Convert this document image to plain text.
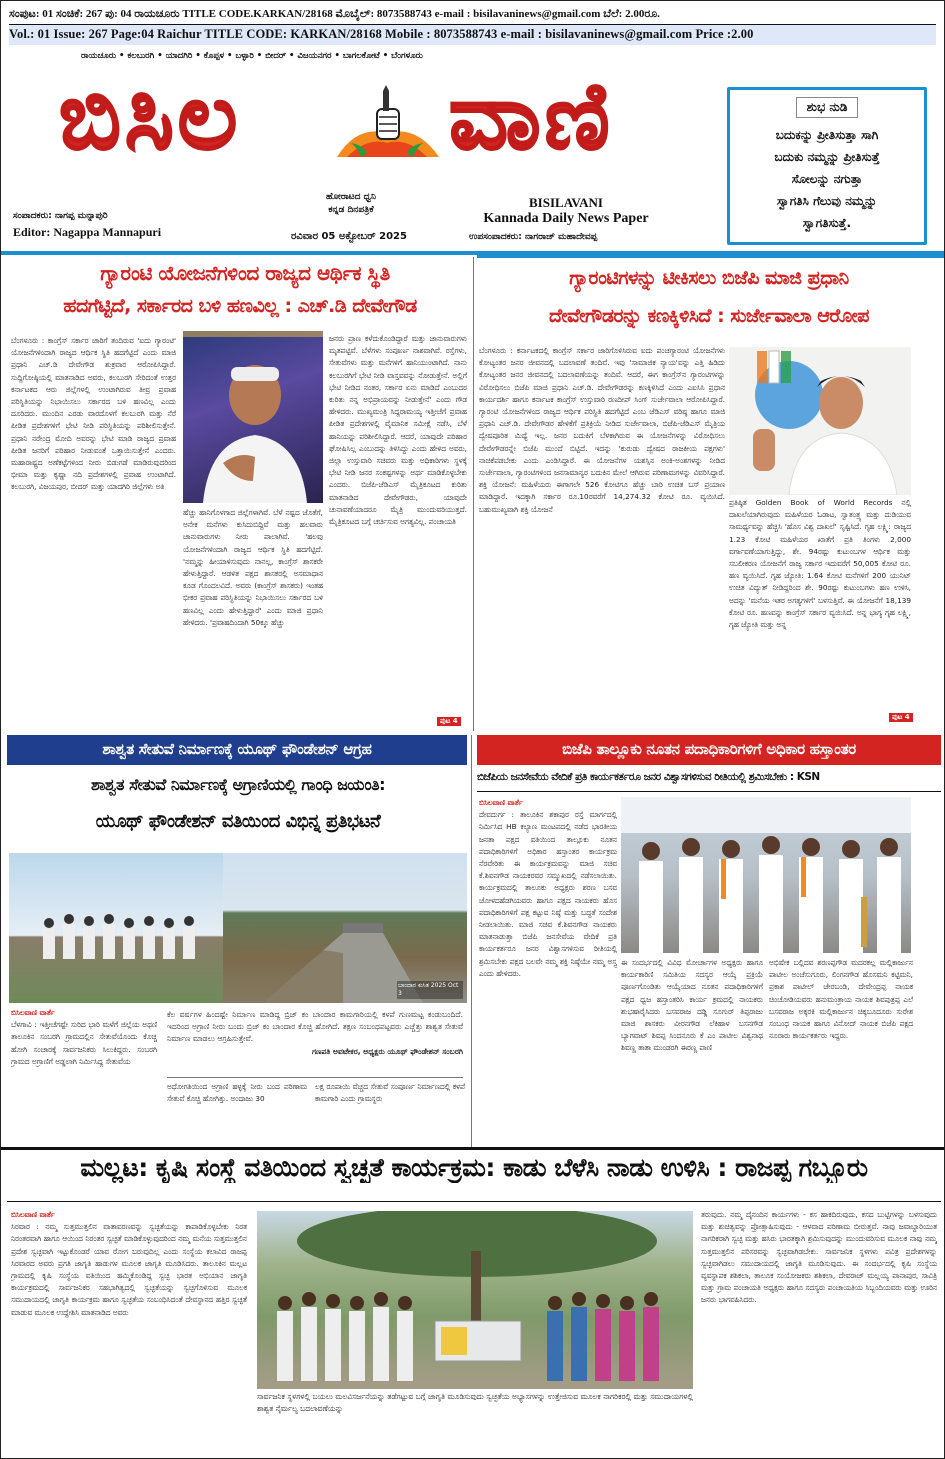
ಸಂಪುಟ: 01 ಸಂಚಿಕೆ: 267 ಪು: 04 ರಾಯಚೂರು TITLE CODE.KARKAN/28168 ಮೊಬೈಲ್: 8073588743 e-mail : bisilavaninews@gmail.com ಬೆಲೆ: 2.00ರೂ.
Vol.: 01 Issue: 267 Page:04 Raichur TITLE CODE: KARKAN/28168 Mobile : 8073588743 e-mail : bisilavaninews@gmail.com Price :2.00
ರಾಯಚೂರು • ಕಲಬುರಗಿ • ಯಾದಗಿರಿ • ಕೊಪ್ಪಳ • ಬಳ್ಳಾರಿ • ಬೀದರ್ • ವಿಜಯನಗರ • ಬಾಗಲಕೋಟೆ • ಬೆಂಗಳೂರು
ಬಿಸಿಲ ವಾಣಿ
ಹೋರಾಟದ ಧ್ವನಿ
ಕನ್ನಡ ದಿನಪತ್ರಿಕೆ	BISILAVANI
Kannada Daily News Paper
ಸಂಪಾದಕರು: ನಾಗಪ್ಪ ಮನ್ನಾಪುರಿ
Editor: Nagappa Mannapuri	ರವಿವಾರ 05 ಅಕ್ಟೋಬರ್ 2025	ಉಪಸಂಪಾದಕರು: ನಾಗರಾಜ್ ಮಹಾದೇವಪ್ಪ
ಶುಭ ನುಡಿ
ಬದುಕನ್ನು ಪ್ರೀತಿಸುತ್ತಾ ಸಾಗಿ
ಬದುಕು ನಮ್ಮನ್ನು ಪ್ರೀತಿಸುತ್ತೆ
ಸೋಲನ್ನು ನಗುತ್ತಾ
ಸ್ವಾಗತಿಸಿ ಗೆಲುವು ನಮ್ಮನ್ನು
ಸ್ವಾಗತಿಸುತ್ತೆ.
ಗ್ಯಾರಂಟಿ ಯೋಜನೆಗಳಿಂದ ರಾಜ್ಯದ ಆರ್ಥಿಕ ಸ್ಥಿತಿ
ಹದಗೆಟ್ಟಿದೆ, ಸರ್ಕಾರದ ಬಳಿ ಹಣವಿಲ್ಲ : ಎಚ್.ಡಿ ದೇವೇಗೌಡ
ಬೆಂಗಳೂರು : ಕಾಂಗ್ರೆಸ್ ಸರ್ಕಾರ ಜಾರಿಗೆ ತಂದಿರುವ 'ಐದು ಗ್ಯಾರಂಟಿ' ಯೋಜನೆಗಳಿಂದಾಗಿ ರಾಜ್ಯದ ಆರ್ಥಿಕ ಸ್ಥಿತಿ ಹದಗೆಟ್ಟಿದೆ ಎಂದು ಮಾಜಿ ಪ್ರಧಾನಿ ಎಚ್.ಡಿ ದೇವೇಗೌಡ ಶುಕ್ರವಾರ ಆರೋಪಿಸಿದ್ದಾರೆ. ಸುದ್ದಿಗೋಷ್ಠಿಯಲ್ಲಿ ಮಾತನಾಡಿದ ಅವರು, ಕಲಬುರಗಿ ಸೇರಿದಂತೆ ಉತ್ತರ ಕರ್ನಾಟಕದ ಆರು ಜಿಲ್ಲೆಗಳಲ್ಲಿ ಉಂಟಾಗಿರುವ ತೀವ್ರ ಪ್ರವಾಹ ಪರಿಸ್ಥಿತಿಯನ್ನು ನಿಭಾಯಿಸಲು ಸರ್ಕಾರದ ಬಳಿ ಹಣವಿಲ್ಲ ಎಂದು ದೂರಿದರು. ಮುಂದಿನ ಎರಡು ವಾರದೊಳಗೆ ಕಲಬುರಗಿ ಮತ್ತು ನೆರೆ ಪೀಡಿತ ಪ್ರದೇಶಗಳಿಗೆ ಭೇಟಿ ನೀಡಿ ಪರಿಸ್ಥಿತಿಯನ್ನು ಪರಿಶೀಲಿಸುತ್ತೇನೆ. ಪ್ರಧಾನಿ ನರೇಂದ್ರ ಮೋದಿ ಅವರನ್ನು ಭೇಟಿ ಮಾಡಿ ರಾಜ್ಯದ ಪ್ರವಾಹ ಪೀಡಿತ ಜನರಿಗೆ ಪರಿಹಾರ ನೀಡುವಂತೆ ಒತ್ತಾಯಿಸುತ್ತೇನೆ ಎಂದರು. ಮಹಾರಾಷ್ಟ್ರದ ಅಣೆಕಟ್ಟೆಗಳಿಂದ ನೀರು ಬಿಡುಗಡೆ ಮಾಡಿರುವುದರಿಂದ ಭೀಮಾ ಮತ್ತು ಕೃಷ್ಣಾ ನದಿ ಪ್ರದೇಶಗಳಲ್ಲಿ ಪ್ರವಾಹ ಉಂಟಾಗಿದೆ. ಕಲಬುರಗಿ, ವಿಜಯಪುರ, ಬೀದರ್ ಮತ್ತು ಯಾದಗಿರಿ ಜಿಲ್ಲೆಗಳು ಅತಿ
ಹೆಚ್ಚು ಹಾನಿಗೊಳಗಾದ ಜಿಲ್ಲೆಗಳಾಗಿವೆ. ಬೆಳೆ ನಷ್ಟದ ಜೊತೆಗೆ, ಅನೇಕ ಮನೆಗಳು ಕುಸಿದುಬಿದ್ದಿವೆ ಮತ್ತು ಹಲವಾರು ಜಾನುವಾರುಗಳು ನೀರು ಪಾಲಾಗಿವೆ. 'ಹಲವು ಯೋಜನೆಗಳಿಂದಾಗಿ ರಾಜ್ಯದ ಆರ್ಥಿಕ ಸ್ಥಿತಿ ಹದಗೆಟ್ಟಿದೆ. 'ನಮ್ಮನ್ನು ಹೀಯಾಳಿಸುವುದು ನಾನಲ್ಲ, ಕಾಂಗ್ರೆಸ್ ಶಾಸಕರೇ ಹೇಳುತ್ತಿದ್ದಾರೆ. ಆಡಳಿತ ಪಕ್ಷದ ಶಾಸಕರಲ್ಲಿ ಅಸಮಾಧಾನ ಕೂಡ ಗೊಂದಲವಿದೆ. ಅವರು (ಕಾಂಗ್ರೆಸ್ ಶಾಸಕರು) ಇಂತಹ ಭೀಕರ ಪ್ರವಾಹ ಪರಿಸ್ಥಿತಿಯನ್ನು ನಿಭಾಯಿಸಲು ಸರ್ಕಾರದ ಬಳಿ ಹಣವಿಲ್ಲ ಎಂದು ಹೇಳುತ್ತಿದ್ದಾರೆ' ಎಂದು ಮಾಜಿ ಪ್ರಧಾನಿ ಹೇಳಿದರು. 'ಪ್ರವಾಹದಿಂದಾಗಿ 50ಕ್ಕೂ ಹೆಚ್ಚು
ಜನರು ಪ್ರಾಣ ಕಳೆದುಕೊಂಡಿದ್ದಾರೆ ಮತ್ತು ಜಾನುವಾರುಗಳು ಮೃತಪಟ್ಟಿವೆ. ಬೆಳೆಗಳು ಸಂಪೂರ್ಣ ನಾಶವಾಗಿವೆ. ರಸ್ತೆಗಳು, ಸೇತುವೆಗಳು ಮತ್ತು ಮನೆಗಳಿಗೆ ಹಾನಿಯುಂಟಾಗಿದೆ. ನಾನು ಕಲಬುರಗಿಗೆ ಭೇಟಿ ನೀಡಿ ವಾಸ್ತವವನ್ನು ನೋಡುತ್ತೇನೆ. ಅಲ್ಲಿಗೆ ಭೇಟಿ ನೀಡಿದ ನಂತರ, ಸರ್ಕಾರ ಏನು ಮಾಡಿದೆ ಎಂಬುದರ ಕುರಿತು ನನ್ನ ಅಭಿಪ್ರಾಯವನ್ನು ನೀಡುತ್ತೇನೆ' ಎಂದು ಗೌಡ ಹೇಳಿದರು. ಮುಖ್ಯಮಂತ್ರಿ ಸಿದ್ದರಾಮಯ್ಯ ಇತ್ತೀಚೆಗೆ ಪ್ರವಾಹ ಪೀಡಿತ ಪ್ರದೇಶಗಳಲ್ಲಿ ವೈಮಾನಿಕ ಸಮೀಕ್ಷೆ ನಡೆಸಿ, ಬೆಳೆ ಹಾನಿಯನ್ನು ಪರಿಶೀಲಿಸಿದ್ದಾರೆ. ಆದರೆ, ಯಾವುದೇ ಪರಿಹಾರ ಘೋಷಿಸಿಲ್ಲ ಎಂಬುದನ್ನು ತಿಳಿಸಿದ್ದು ಎಂದು ಹೇಳಿದ ಅವರು, ಜಿಲ್ಲಾ ಉಸ್ತುವಾರಿ ಸಚಿವರು ಮತ್ತು ಅಧಿಕಾರಿಗಳು ಸ್ಥಳಕ್ಕೆ ಭೇಟಿ ನೀಡಿ ಜನರ ಸಂಕಷ್ಟಗಳನ್ನು ಅರ್ಥ ಮಾಡಿಕೊಳ್ಳಬೇಕು ಎಂದರು. ಬಿಜೆಪಿ-ಜೆಡಿಎಸ್ ಮೈತ್ರಿಕೂಟದ ಕುರಿತು ಮಾತನಾಡಿದ ದೇವೇಗೌಡರು, ಯಾವುದೇ ಚುನಾವಣೆಯಾದರೂ ಮೈತ್ರಿ ಮುಂದುವರಿಯುತ್ತದೆ. ಮೈತ್ರಿಕೂಟದ ಬಗ್ಗೆ ಚರ್ಚಿಸುವ ಅಗತ್ಯವಿಲ್ಲ. ಪಂಚಾಯತಿ
ಪುಟ 4
ಗ್ಯಾರಂಟಿಗಳನ್ನು ಟೀಕಿಸಲು ಬಿಜೆಪಿ ಮಾಜಿ ಪ್ರಧಾನಿ
ದೇವೇಗೌಡರನ್ನು ಕಣಕ್ಕಿಳಿಸಿದೆ : ಸುರ್ಜೇವಾಲಾ ಆರೋಪ
ಬೆಂಗಳೂರು : ಕರ್ನಾಟಕದಲ್ಲಿ ಕಾಂಗ್ರೆಸ್ ಸರ್ಕಾರ ಜಾರಿಗೊಳಿಸಿರುವ ಐದು ಪಂಚಗ್ಯಾರಂಟಿ ಯೋಜನೆಗಳು ಕೋಟ್ಯಂತರ ಜನರ ಜೀವನದಲ್ಲಿ ಬದಲಾವಣೆ ತಂದಿವೆ. ಇವು 'ಸಾಮಾಜಿಕ ನ್ಯಾಯ'ವನ್ನು ಎತ್ತಿ ಹಿಡಿದು ಕೋಟ್ಯಂತರ ಜನರ ಜೀವನದಲ್ಲಿ ಬದಲಾವಣೆಯನ್ನು ತಂದಿವೆ. ಆದರೆ, ಈಗ ಕಾಂಗ್ರೆಸ್‌ನ ಗ್ಯಾರಂಟಿಗಳನ್ನು ವಿರೋಧಿಸಲು ಬಿಜೆಪಿ ಮಾಜಿ ಪ್ರಧಾನಿ ಎಚ್.ಡಿ. ದೇವೇಗೌಡರನ್ನು ಕಣಕ್ಕಿಳಿಸಿದೆ ಎಂದು ಎಐಸಿಸಿ ಪ್ರಧಾನ ಕಾರ್ಯದರ್ಶಿ ಹಾಗೂ ಕರ್ನಾಟಕ ಕಾಂಗ್ರೆಸ್ ಉಸ್ತುವಾರಿ ರಣದೀಪ್ ಸಿಂಗ್ ಸುರ್ಜೇವಾಲಾ ಆರೋಪಿಸಿದ್ದಾರೆ. ಗ್ಯಾರಂಟಿ ಯೋಜನೆಗಳಿಂದ ರಾಜ್ಯದ ಆರ್ಥಿಕ ಪರಿಸ್ಥಿತಿ ಹದಗೆಟ್ಟಿದೆ ಎಂಬ ಜೆಡಿಎಸ್ ವರಿಷ್ಠ ಹಾಗೂ ಮಾಜಿ ಪ್ರಧಾನಿ ಎಚ್.ಡಿ. ದೇವೇಗೌಡರ ಹೇಳಿಕೆಗೆ ಪ್ರತಿಕ್ರಿಯೆ ನೀಡಿದ ಸುರ್ಜೇವಾಲಾ, ಬಿಜೆಪಿ-ಜೆಡಿಎಸ್ ಮೈತ್ರಿಯ ದ್ವೇಷಪೂರಿತ ಮಿಥ್ಯೆ ಇಲ್ಲ. ಜನರ ಬದುಕಿಗೆ ಬೆಳಕಾಗಿರುವ ಈ ಯೋಜನೆಗಳನ್ನು ವಿರೋಧಿಸಲು ದೇವೇಗೌಡರನ್ನೇ ಬಿಜೆಪಿ ಮುಂದೆ ಬಿಟ್ಟಿದೆ. ಇದನ್ನು 'ಕುರುಡು ದ್ವೇಷದ ರಾಜಕೀಯ ಪಕ್ಷಗಳು' ನಾಚಿಕೆಪಡಬೇಕು ಎಂದು ಎಂಡಿಸಿದ್ದಾರೆ. ಈ ಯೋಜನೆಗಳ ಯಶಸ್ಸಿನ ಅಂಕಿ-ಅಂಶಗಳನ್ನು ನೀಡಿದ ಸುರ್ಜೇವಾಲಾ, ಗ್ಯಾರಂಟಿಗಳಿಂದ ಜನಸಾಮಾನ್ಯರ ಬದುಕಿನ ಮೇಲೆ ಆಗಿರುವ ಪರಿಣಾಮಗಳನ್ನು ವಿವರಿಸಿದ್ದಾರೆ. ಶಕ್ತಿ ಯೋಜನೆ: ಮಹಿಳೆಯರು ಈಗಾಗಲೇ 526 ಕೋಟಿಗೂ ಹೆಚ್ಚು ಬಾರಿ ಉಚಿತ ಬಸ್ ಪ್ರಯಾಣ ಮಾಡಿದ್ದಾರೆ. ಇದಕ್ಕಾಗಿ ಸರ್ಕಾರ ರೂ.10ರವರೆಗೆ 14,274.32 ಕೋಟಿ ರೂ. ವ್ಯಯಿಸಿದೆ. ಬಹುಮುಖ್ಯವಾಗಿ ಶಕ್ತಿ ಯೋಜನೆ
ಪ್ರತಿಷ್ಠಿತ Golden Book of World Records ನಲ್ಲಿ ದಾಖಲೆಯಾಗಿರುವುದು ಮಹಿಳೆಯರ ಓಡಾಟ, ಸ್ವಾತಂತ್ರ್ಯ ಮತ್ತು ದುಡಿಯುವ ಸಾಮರ್ಥ್ಯವನ್ನು ಹೆಚ್ಚಿಸಿ 'ಹೊಸ ವಿಶ್ವ ದಾಖಲೆ' ಸೃಷ್ಟಿಸಿದೆ. ಗೃಹ ಲಕ್ಷ್ಮಿ: ರಾಜ್ಯದ 1.23 ಕೋಟಿ ಮಹಿಳೆಯರ ಖಾತೆಗೆ ಪ್ರತಿ ತಿಂಗಳು 2,000 ವರ್ಗಾವಣೆಯಾಗುತ್ತಿದ್ದು, ಶೇ. 94ರಷ್ಟು ಕುಟುಂಬಗಳ ಆರ್ಥಿಕ ಮತ್ತು ಸಬಲೀಕರಣ ಯೋಜನೆಗೆ ರಾಜ್ಯ ಸರ್ಕಾರ ಇದುವರೆಗೆ 50,005 ಕೋಟಿ ರೂ. ಹಣ ವ್ಯಯಿಸಿದೆ. ಗೃಹ ಜ್ಯೋತಿ: 1.64 ಕೋಟಿ ಮನೆಗಳಿಗೆ 200 ಯುನಿಟ್ ಉಚಿತ ವಿದ್ಯುತ್ ನೀಡಿದ್ದರಿಂದ ಶೇ. 90ರಷ್ಟು ಕುಟುಂಬಗಳು ಹಣ ಉಳಿಸಿ, ಅದನ್ನು 'ಮನೆಯ ಇತರ ಅಗತ್ಯಗಳಿಗೆ' ಬಳಸುತ್ತಿವೆ. ಈ ಯೋಜನೆಗೆ 18,139 ಕೋಟಿ ರೂ. ಹಣವನ್ನು ಕಾಂಗ್ರೆಸ್ ಸರ್ಕಾರ ವ್ಯಯಿಸಿದೆ. ಅನ್ನ ಭಾಗ್ಯ ಗೃಹ ಲಕ್ಷ್ಮಿ, ಗೃಹ ಜ್ಯೋತಿ ಮತ್ತು ಅನ್ನ
ಪುಟ 4
ಶಾಶ್ವತ ಸೇತುವೆ ನಿರ್ಮಾಣಕ್ಕೆ ಯೂಥ್ ಫೌಂಡೇಶನ್ ಆಗ್ರಹ
ಶಾಶ್ವತ ಸೇತುವೆ ನಿರ್ಮಾಣಕ್ಕೆ ಅಗ್ರಾಣಿಯಲ್ಲಿ ಗಾಂಧಿ ಜಯಂತಿ:
ಯೂಥ್ ಫೌಂಡೇಶನ್ ವತಿಯಿಂದ ವಿಭಿನ್ನ ಪ್ರತಿಭಟನೆ
ಬಾಂದಾರ ಕುಸಿತ 2025 Oct 3
ಬಿಸಿಲವಾಣಿ ವಾರ್ತೆ
ಬೆಳಗಾವಿ : ಇತ್ತೀಚೆಗಷ್ಟೇ ಸುರಿದ ಭಾರಿ ಮಳೆಗೆ ಜಿಲ್ಲೆಯ ಅಥಣಿ ತಾಲೂಕಿನ ಸಂಬರಗಿ ಗ್ರಾಮದಲ್ಲಿನ ಸೇತುವೆಯೊಂದು ಕೊಚ್ಚಿ ಹೋಗಿ ಸಂಚಾರಕ್ಕೆ ಸಾರ್ವಜನಿಕರು ಸಿಲುಕಿದ್ದರು. ಸಂಬರಗಿ ಗ್ರಾಮದ ಅಗ್ರಾಣಿಗೆ ಅಡ್ಡಲಾಗಿ ನಿರ್ಮಿಸಿದ್ದ ಸೇತುವೆಯ
ಕೆಲ ವರ್ಷಗಳ ಹಿಂದಷ್ಟೇ ನಿರ್ಮಾಣ ಮಾಡಿದ್ದ ಬ್ರಿಜ್ ಕಂ ಬಾಂದಾರ ಕಾಮಗಾರಿಯಲ್ಲಿ ಕಳಪೆ ಗುಣಮಟ್ಟ ಕಂಡುಬಂದಿದೆ. ಇದರಿಂದ ಅಗ್ರಾಣಿ ನೀರು ಬಂದು ಬ್ರಿಜ್ ಕಂ ಬಾಂದಾರ ಕೊಚ್ಚಿ ಹೋಗಿದೆ. ತಕ್ಷಣ ಸಂಬಂಧಪಟ್ಟವರು ಎಚ್ಚೆತ್ತು ಶಾಶ್ವತ ಸೇತುವೆ ನಿರ್ಮಾಣ ಮಾಡಲು ಆಗ್ರಹಿಸುತ್ತೇವೆ.
ಗಣಪತಿ ಅವಟೇಕರ, ಅಧ್ಯಕ್ಷರು ಯೂಥ್ ಫೌಂಡೇಶನ್ ಸಂಬರಗಿ
ಅಧೋಗತಿಯಿಂದ ಅಗ್ರಾಣಿ ಹಳ್ಳಕ್ಕೆ ನೀರು ಬಂದ ಪರಿಣಾಮ ಸೇತುವೆ ಕೊಚ್ಚಿ ಹೋಗಿತ್ತು. ಅಂದಾಜು 30
ಲಕ್ಷ ರೂಪಾಯಿ ವೆಚ್ಚದ ಸೇತುವೆ ಸಂಪೂರ್ಣ ನಿರ್ಮಾಣದಲ್ಲಿ ಕಳಪೆ ಕಾಮಗಾರಿ ಎಂದು ಗ್ರಾಮಸ್ಥರು
ಬಿಜೆಪಿ ತಾಲ್ಲೂಕು ನೂತನ ಪದಾಧಿಕಾರಿಗಳಿಗೆ ಅಧಿಕಾರ ಹಸ್ತಾಂತರ
ಬಿಜೆಪಿಯ ಜನಸೇವೆಯ ವೇದಿಕೆ ಪ್ರತಿ ಕಾರ್ಯಕರ್ತರೂ ಜನರ ವಿಶ್ವಾಸಗಳಿಸುವ ರೀತಿಯಲ್ಲಿ ಶ್ರಮಿಸಬೇಕು : KSN
ಬಿಸಿಲವಾಣಿ ವಾರ್ತೆ
ದೇವದುರ್ಗ : ತಾಲೂಕಿನ ಶಕಾಪುರ ರಸ್ತೆ ಮಾರ್ಗದಲ್ಲಿ ನಿರ್ಮಿಸಿದ HB ಕಲ್ಯಾಣ ಮಂಟಪದಲ್ಲಿ ನಡೆದ ಭಾರತೀಯ ಜನತಾ ಪಕ್ಷದ ವತಿಯಿಂದ ತಾಲ್ಲೂಕು ನೂತನ ಪದಾಧಿಕಾರಿಗಳಿಗೆ ಅಧಿಕಾರ ಹಸ್ತಾಂತರ ಕಾರ್ಯಕ್ರಮ ನೆರವೇರಿತು ಈ ಕಾರ್ಯಕ್ರಮವನ್ನು ಮಾಜಿ ಸಚಿವ ಕೆ.ಶಿವನಗೌಡ ನಾಯಕರವರ ಸಮ್ಮುಖದಲ್ಲಿ ನಡೆಸಲಾಯಿತು. ಕಾರ್ಯಕ್ರಮದಲ್ಲಿ ತಾಲೂಕು ಅಧ್ಯಕ್ಷರು ಶರಣ ಬಸವ ಜೋಳದಹೆಡಗಿಯವರು ಹಾಗೂ ಪಕ್ಷದ ನಾಯಕರು ಹೊಸ ಪದಾಧಿಕಾರಿಗಳಿಗೆ ಪಕ್ಷ ಕಟ್ಟುವ ನಿಷ್ಠೆ ಮತ್ತು ಬದ್ಧತೆ ಸಂದೇಶ ನೀಡಲಾಯಿತು. ಮಾಜಿ ಸಚಿವ ಕೆ.ಶಿವನಗೌಡ ನಾಯಕರು ಮಾತನಾಡುತ್ತಾ ಬಿಜೆಪಿ ಜನಸೇವೆಯ ವೇದಿಕೆ ಪ್ರತಿ ಕಾರ್ಯಕರ್ತರೂ ಜನರ ವಿಶ್ವಾಸಗಳಿಸುವ ರೀತಿಯಲ್ಲಿ ಶ್ರಮಿಸಬೇಕು ಪಕ್ಷದ ಬಲವೇ ನಮ್ಮ ಶಕ್ತಿ ನಿಷ್ಠೆಯೇ ನಮ್ಮ ಅಸ್ತ್ರ ಎಂದು ಹೇಳಿದರು.
ಈ ಸಂದರ್ಭದಲ್ಲಿ ವಿವಿಧ ಮೋರ್ಚಾಗಳ ಅಧ್ಯಕ್ಷರು ಹಾಗೂ ಕಾರ್ಯಕಾರಿಣಿ ಸಮಿತಿಯ ಸದಸ್ಯರ ಆಯ್ಕೆ ಪ್ರಕ್ರಿಯೆ ಪೂರ್ಣಗೊಂಡಿತು ಆಯ್ಕೆಯಾದ ನೂತನ ಪದಾಧಿಕಾರಿಗಳಿಗೆ ಪಕ್ಷದ ಧ್ವಜ ಹಸ್ತಾಂತರಿಸಿ ಕಾರ್ಯ ಕ್ರಮದಲ್ಲಿ ನಾಯಕರು ಶುಭಹಾರೈಸಿದರು ಬಸವರಾಜ ದಡ್ಡಿ ಸೂಗುರ್ ತಿಪ್ಪರಾಜು ಮಾಜಿ ಶಾಸಕರು ವೀರನಗೌಡ ಲೆಕಿಹಾಳ ಬಸನಗೌಡ ಬ್ಯಾಗವಾಟ್ ಶಿವಪ್ಪ ಸಿಂದನೂರು ಕೆ ಎಂ ಪಾಟೀಲ ವಿಶ್ವನಾಥ ಶಿವಣ್ಣ ತಾತಾ ಮುಂಡರಗಿ ಈರಣ್ಣ ಪಾಣಿ
ಅಭಿಷೇಕ ಬಲ್ಲಿದವ ಶರಣಪ್ಪಗೌಡ ಮದರಕಲ್ಲ ಮಲ್ಲಿಕಾರ್ಜುನ ಪಾಟೀಲ ಅಂಚೆಸುಗೂರು, ಲಿಂಗನಗೌಡ ಹೊಸಮನಿ ಕಟ್ಟಿಮನಿ, ಪ್ರಕಾಶ ಪಾಟೀಲ್ ಜೇರಬಂಡಿ, ದೇವೇಂದ್ರಪ್ಪ ನಾಯಕ ಚಿಂಚೋಡಿಯವರು ಹನುಮಂತ್ರಾಯ ನಾಯಕ ಶಿವಪುತ್ರಪ್ಪ ಎಲೆ ಬಸವರಾಜ ಅಕ್ಕರಕಿ ಮಲ್ಲಿಕಾರ್ಜುನ ಚಿಕ್ಕಬೂದೂರು ಸುರೇಶ ಸಂಬಂಧ ನಾಯಕ ಹಾಗೂ ವಿನೋದ್ ನಾಯಕ ಬಿಜೆಪಿ ಪಕ್ಷದ ನೂರಾರು ಕಾರ್ಯಕರ್ತರು ಇದ್ದರು.
ಮಲ್ಲಟ: ಕೃಷಿ ಸಂಸ್ಥೆ ವತಿಯಿಂದ ಸ್ವಚ್ಛತೆ ಕಾರ್ಯಕ್ರಮ: ಕಾಡು ಬೆಳೆಸಿ ನಾಡು ಉಳಿಸಿ : ರಾಜಪ್ಪ ಗಬ್ಬೂರು
ಬಿಸಿಲವಾಣಿ ವಾರ್ತೆ
ಸಿರವಾರ : ನಮ್ಮ ಸುತ್ತಮುತ್ತಲಿನ ವಾತಾವರಣವನ್ನು ಸ್ವಚ್ಛತೆಯನ್ನು ಕಾಪಾಡಿಕೊಳ್ಳಬೇಕು ನಿರತ ನಿರಂತರವಾಗಿ ಹಾಗೂ ಆಯಿಂದ ನಿರಂತರ ಸ್ವಚ್ಛತೆ ಮಾಡಿಕೊಳ್ಳುವುದರಿಂದ ನಮ್ಮ ಮನೆಯ ಸುತ್ತಮುತ್ತಲಿನ ಪ್ರದೇಶ ಸ್ವಚ್ಛವಾಗಿ ಇಟ್ಟುಕೊಂಡರೆ ಯಾವ ರೋಗ ಬರುವುದಿಲ್ಲ ಎಂದು ಸಂಸ್ಥೆಯ ಕಲಾವಿದ ರಾಜಪ್ಪ ಸಿರವಾರದ ಅವರು ಪ್ರಗತಿ ಜಾಗೃತಿ ಹಾಡುಗಳ ಮೂಲಕ ಜಾಗೃತಿ ಮೂಡಿಸಿದರು. ತಾಲೂಕಿನ ಮಲ್ಲಟ ಗ್ರಾಮದಲ್ಲಿ ಕೃಷಿ ಸಂಸ್ಥೆಯ ವತಿಯಿಂದ ಹಮ್ಮಿಕೊಂಡಿದ್ದ ಸ್ವಚ್ಛ ಭಾರತ ಅಭಿಯಾನ ಜಾಗೃತಿ ಕಾರ್ಯಕ್ರಮದಲ್ಲಿ ಸಾರ್ವಜನಿಕರ ಸಹಭಾಗಿತ್ವದಲ್ಲಿ ಸ್ವಚ್ಛತೆಯನ್ನು ಸ್ವಚ್ಛಗೊಳಿಸುವ ಮೂಲಕ ಸಮುದಾಯದಲ್ಲಿ ಜಾಗೃತಿ ಕಾರ್ಯಕ್ರಮ ಹಾಗೂ ಸ್ವಚ್ಛತೆಯ ಸಂಬಂಧಿಸಿದಂತೆ ದೇವಸ್ಥಾನದ ಹತ್ತಿರ ಸ್ವಚ್ಛತೆ ಮಾಡುವ ಮೂಲಕ ಉದ್ದೇಶಿಸಿ ಮಾತನಾಡಿದ ಅವರು
ಸಾರ್ವಜನಿಕ ಸ್ಥಳಗಳಲ್ಲಿ ಬಯಲು ಮಲವಿಸರ್ಜನೆಯನ್ನು ತಡೆಗಟ್ಟುವ ಬಗ್ಗೆ ಜಾಗೃತಿ ಮೂಡಿಸುವುದು ಸ್ವಚ್ಛತೆಯ ಅಭ್ಯಾಸಗಳನ್ನು ಉತ್ತೇಜಿಸುವ ಮೂಲಕ ನಾಗರಿಕರಲ್ಲಿ ಮತ್ತು ಸಮುದಾಯಗಳಲ್ಲಿ ಶಾಶ್ವತ ನೈರ್ಮಲ್ಯ ಬದಲಾವಣೆಯನ್ನು
ತರುವುದು. ನಮ್ಮ ದೈನಂದಿನ ಕಾರ್ಯಗಳು - ಕಸ ಹಾಕದಿರುವುದು, ಕಸದ ಬುಟ್ಟಿಗಳನ್ನು ಬಳಸುವುದು ಮತ್ತು ಶುಚಿತ್ವವನ್ನು ಪ್ರೋತ್ಸಾಹಿಸುವುದು - ಆಳವಾದ ಪರಿಣಾಮ ಬೀರುತ್ತವೆ. ನಾವು ಜವಾಬ್ದಾರಿಯುತ ನಾಗರಿಕರಾಗಿ ಸ್ವಚ್ಛ ಮತ್ತು ಹಸಿರು ಭಾರತಕ್ಕಾಗಿ ಶ್ರಮಿಸುವುದನ್ನು ಮುಂದುವರಿಸುವ ಮೂಲಕ ನಾವು ನಮ್ಮ ಸುತ್ತಮುತ್ತಲಿನ ಪರಿಸರವನ್ನು ಸ್ವಚ್ಛವಾಗಿಡಬೇಕು. ಸಾರ್ವಜನಿಕ ಸ್ಥಳಗಳು ಪವಿತ್ರ ಪ್ರದೇಶಗಳನ್ನು ಸ್ವಚ್ಛವಾಗಿಡಲು ಸಮುದಾಯದಲ್ಲಿ ಜಾಗೃತಿ ಮೂಡಿಸುವುದು. ಈ ಸಂದರ್ಭದಲ್ಲಿ ಕೃಷಿ ಸಂಸ್ಥೆಯ ವ್ಯವಸ್ಥಾಪಕ ಶಶಿಕಲಾ, ತಾಲೂಕ ಸಂಯೋಜಕರು ಶಶಿಕಲಾ, ದೇವರಾಜ್ ಮಲ್ಲಯ್ಯ ಪಾನಾಪುರ, ಸಾವಿತ್ರಿ ಮತ್ತು ಗ್ರಾಮ ಪಂಚಾಯತಿ ಅಧ್ಯಕ್ಷರು ಹಾಗೂ ಸದಸ್ಯರು ಪಂಚಾಯತಿಯ ಸಿಬ್ಬಂದಿಯವರು ಮತ್ತು ಊರಿನ ಜನರು ಭಾಗವಹಿಸಿದರು.
